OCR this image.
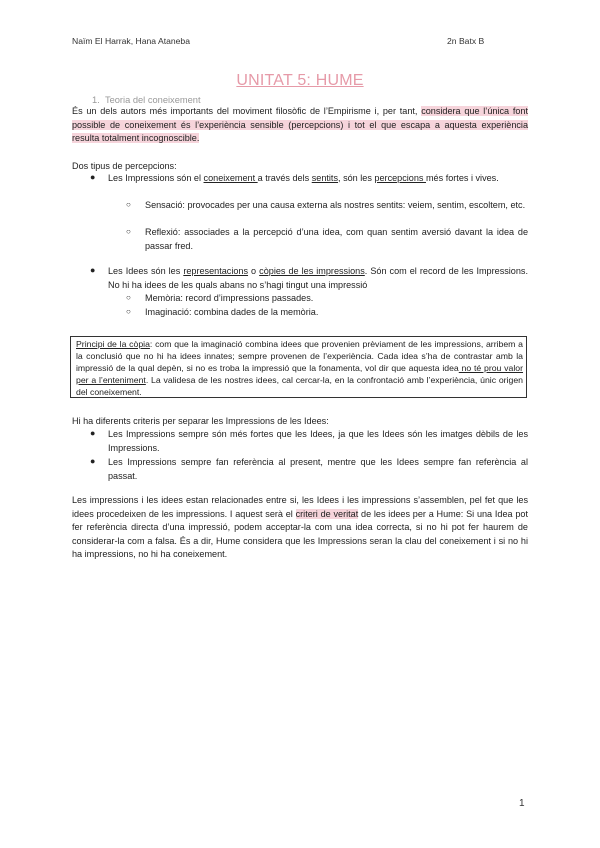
Naïm El Harrak, Hana Ataneba	2n Batx B
UNITAT 5: HUME
1. Teoria del coneixement
És un dels autors més importants del moviment filosòfic de l’Empirisme i, per tant, considera que l’única font possible de coneixement és l’experiència sensible (percepcions) i tot el que escapa a aquesta experiència resulta totalment incognoscible.
Dos tipus de percepcions:
● Les Impressions són el coneixement a través dels sentits, són les percepcions més fortes i vives.
○ Sensació: provocades per una causa externa als nostres sentits: veiem, sentim, escoltem, etc.
○ Reflexió: associades a la percepció d’una idea, com quan sentim aversió davant la idea de passar fred.
● Les Idees són les representacions o còpies de les impressions. Són com el record de les Impressions. No hi ha idees de les quals abans no s’hagi tingut una impressió
○ Memòria: record d’impressions passades.
○ Imaginació: combina dades de la memòria.
Principi de la còpia: com que la imaginació combina idees que provenien prèviament de les impressions, arribem a la conclusió que no hi ha idees innates; sempre provenen de l’experiència. Cada idea s’ha de contrastar amb la impressió de la qual depèn, si no es troba la impressió que la fonamenta, vol dir que aquesta idea no té prou valor per a l’enteniment. La validesa de les nostres idees, cal cercar-la, en la confrontació amb l’experiència, únic origen del coneixement.
Hi ha diferents criteris per separar les Impressions de les Idees:
● Les Impressions sempre són més fortes que les Idees, ja que les Idees són les imatges dèbils de les Impressions.
● Les Impressions sempre fan referència al present, mentre que les Idees sempre fan referència al passat.
Les impressions i les idees estan relacionades entre si, les Idees i les impressions s’assemblen, pel fet que les idees procedeixen de les impressions. I aquest serà el criteri de veritat de les idees per a Hume: Si una Idea pot fer referència directa d’una impressió, podem acceptar-la com una idea correcta, si no hi pot fer haurem de considerar-la com a falsa. És a dir, Hume considera que les Impressions seran la clau del coneixement i si no hi ha impressions, no hi ha coneixement.
1
